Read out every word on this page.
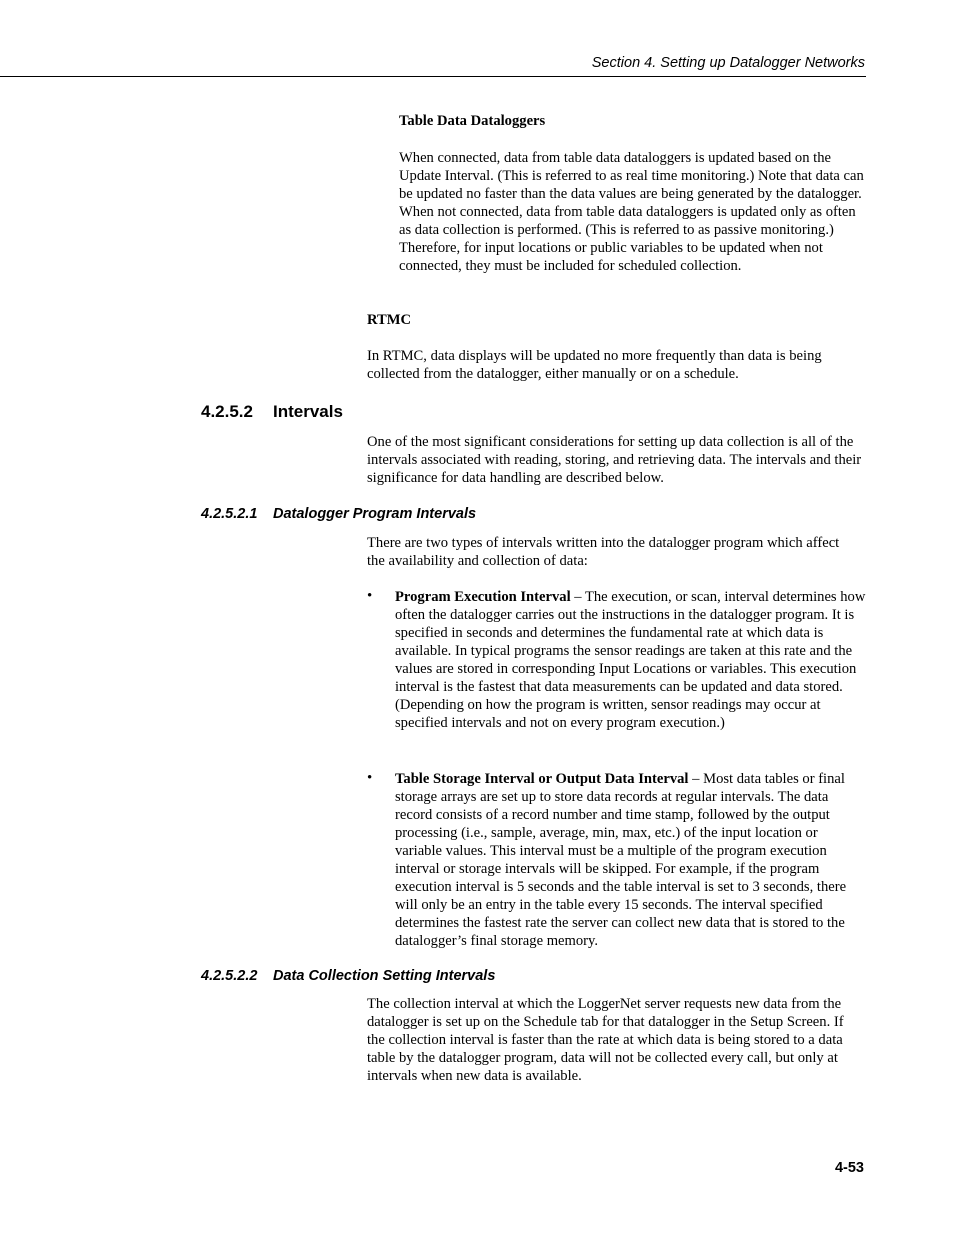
Section 4. Setting up Datalogger Networks

Table Data Dataloggers

When connected, data from table data dataloggers is updated based on the Update Interval. (This is referred to as real time monitoring.) Note that data can be updated no faster than the data values are being generated by the datalogger. When not connected, data from table data dataloggers is updated only as often as data collection is performed. (This is referred to as passive monitoring.) Therefore, for input locations or public variables to be updated when not connected, they must be included for scheduled collection.

RTMC

In RTMC, data displays will be updated no more frequently than data is being collected from the datalogger, either manually or on a schedule.

4.2.5.2 Intervals

One of the most significant considerations for setting up data collection is all of the intervals associated with reading, storing, and retrieving data. The intervals and their significance for data handling are described below.

4.2.5.2.1 Datalogger Program Intervals

There are two types of intervals written into the datalogger program which affect the availability and collection of data:

• Program Execution Interval – The execution, or scan, interval determines how often the datalogger carries out the instructions in the datalogger program. It is specified in seconds and determines the fundamental rate at which data is available. In typical programs the sensor readings are taken at this rate and the values are stored in corresponding Input Locations or variables. This execution interval is the fastest that data measurements can be updated and data stored. (Depending on how the program is written, sensor readings may occur at specified intervals and not on every program execution.)

• Table Storage Interval or Output Data Interval – Most data tables or final storage arrays are set up to store data records at regular intervals. The data record consists of a record number and time stamp, followed by the output processing (i.e., sample, average, min, max, etc.) of the input location or variable values. This interval must be a multiple of the program execution interval or storage intervals will be skipped. For example, if the program execution interval is 5 seconds and the table interval is set to 3 seconds, there will only be an entry in the table every 15 seconds. The interval specified determines the fastest rate the server can collect new data that is stored to the datalogger’s final storage memory.

4.2.5.2.2 Data Collection Setting Intervals

The collection interval at which the LoggerNet server requests new data from the datalogger is set up on the Schedule tab for that datalogger in the Setup Screen. If the collection interval is faster than the rate at which data is being stored to a data table by the datalogger program, data will not be collected every call, but only at intervals when new data is available.

4-53
